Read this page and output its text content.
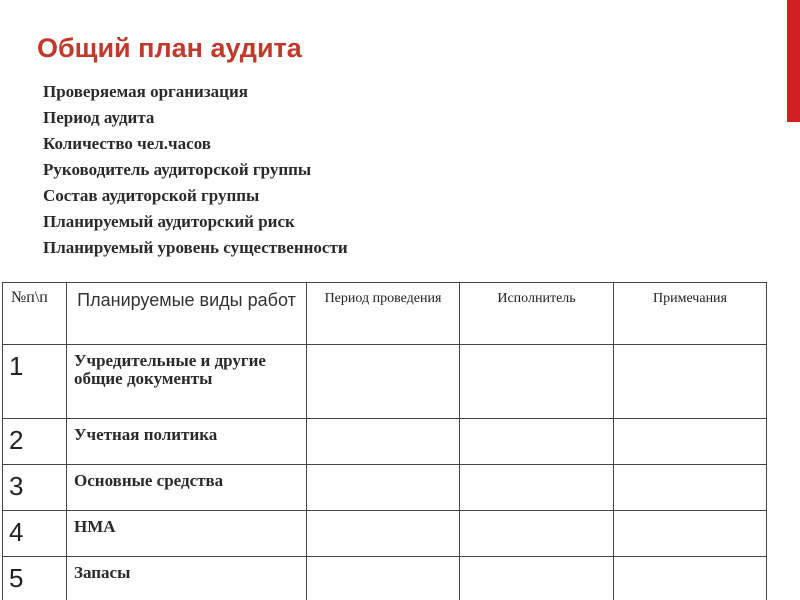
Общий план аудита
Проверяемая организация
Период аудита
Количество чел.часов
Руководитель аудиторской группы
Состав аудиторской группы
Планируемый аудиторский риск
Планируемый уровень существенности
№п\п	Планируемые виды работ	Период проведения	Исполнитель	Примечания
1	Учредительные и другие общие документы			
2	Учетная политика			
3	Основные средства			
4	НМА			
5	Запасы			
